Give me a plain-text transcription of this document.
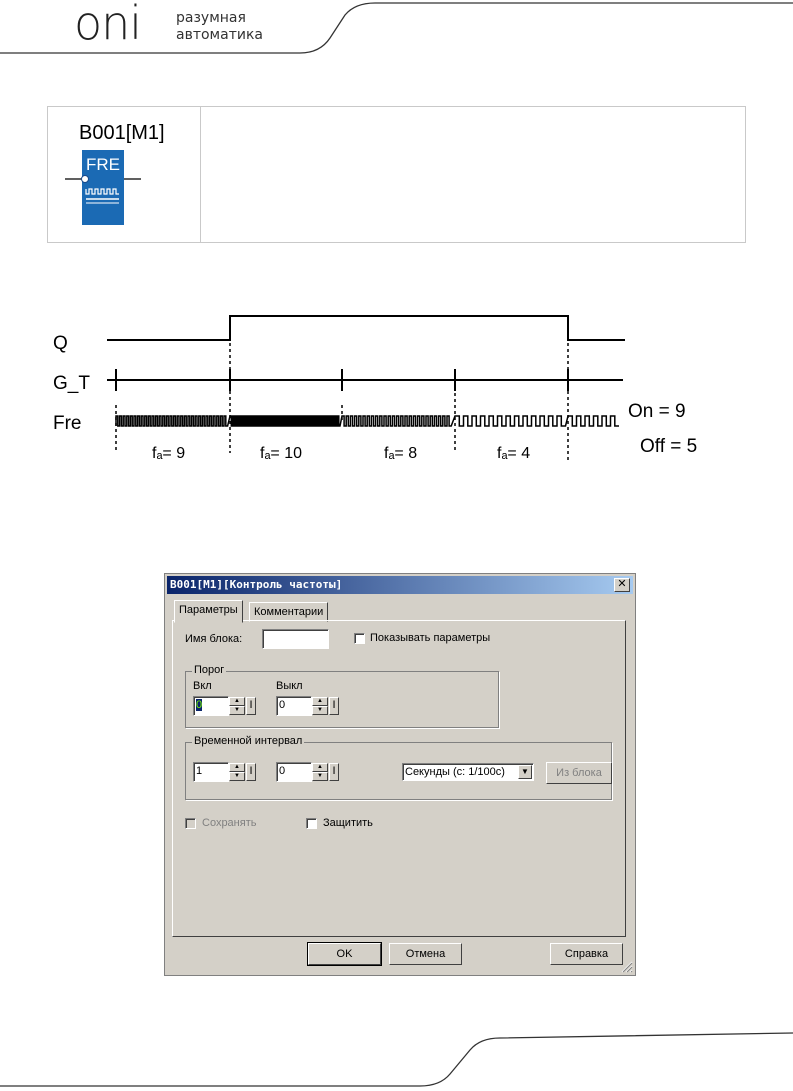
oni разумная
автоматика
B001[M1]
FRE
Q
G_T
Fre
On = 9
Off = 5
fₐ= 9	fₐ= 10	fₐ= 8	fₐ= 4
B001[M1][Контроль частоты]	✕
Параметры	Комментарии
Имя блока:	Показывать параметры
Порог
Вкл	Выкл
0	▲
▼ I	0	▲
▼ I
Временной интервал
1	▲
▼ I	0	▲
▼ I	Секунды (с: 1/100с)	▼	Из блока
Сохранять	Защитить
OK	Отмена	Справка
